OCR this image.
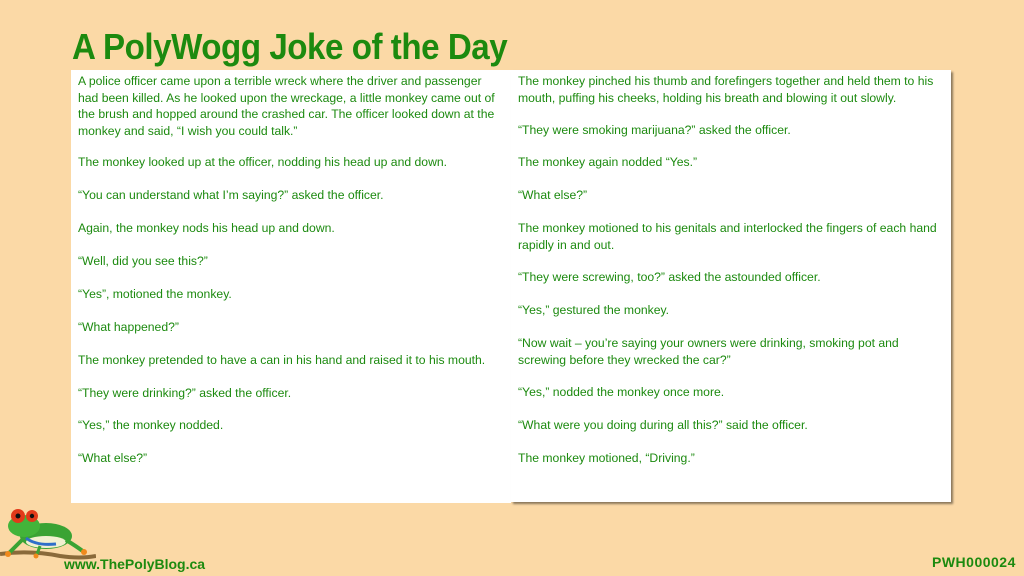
A PolyWogg Joke of the Day

A police officer came upon a terrible wreck where the driver and passenger had been killed. As he looked upon the wreckage, a little monkey came out of the brush and hopped around the crashed car. The officer looked down at the monkey and said, “I wish you could talk.”

The monkey looked up at the officer, nodding his head up and down.

“You can understand what I’m saying?” asked the officer.

Again, the monkey nods his head up and down.

“Well, did you see this?”

“Yes”, motioned the monkey.

“What happened?”

The monkey pretended to have a can in his hand and raised it to his mouth.

“They were drinking?” asked the officer.

“Yes,” the monkey nodded.

“What else?”

The monkey pinched his thumb and forefingers together and held them to his mouth, puffing his cheeks, holding his breath and blowing it out slowly.

“They were smoking marijuana?” asked the officer.

The monkey again nodded “Yes.”

“What else?”

The monkey motioned to his genitals and interlocked the fingers of each hand rapidly in and out.

“They were screwing, too?” asked the astounded officer.

“Yes,” gestured the monkey.

“Now wait – you’re saying your owners were drinking, smoking pot and screwing before they wrecked the car?”

“Yes,” nodded the monkey once more.

“What were you doing during all this?” said the officer.

The monkey motioned, “Driving.”

www.ThePolyBlog.ca	PWH000024
